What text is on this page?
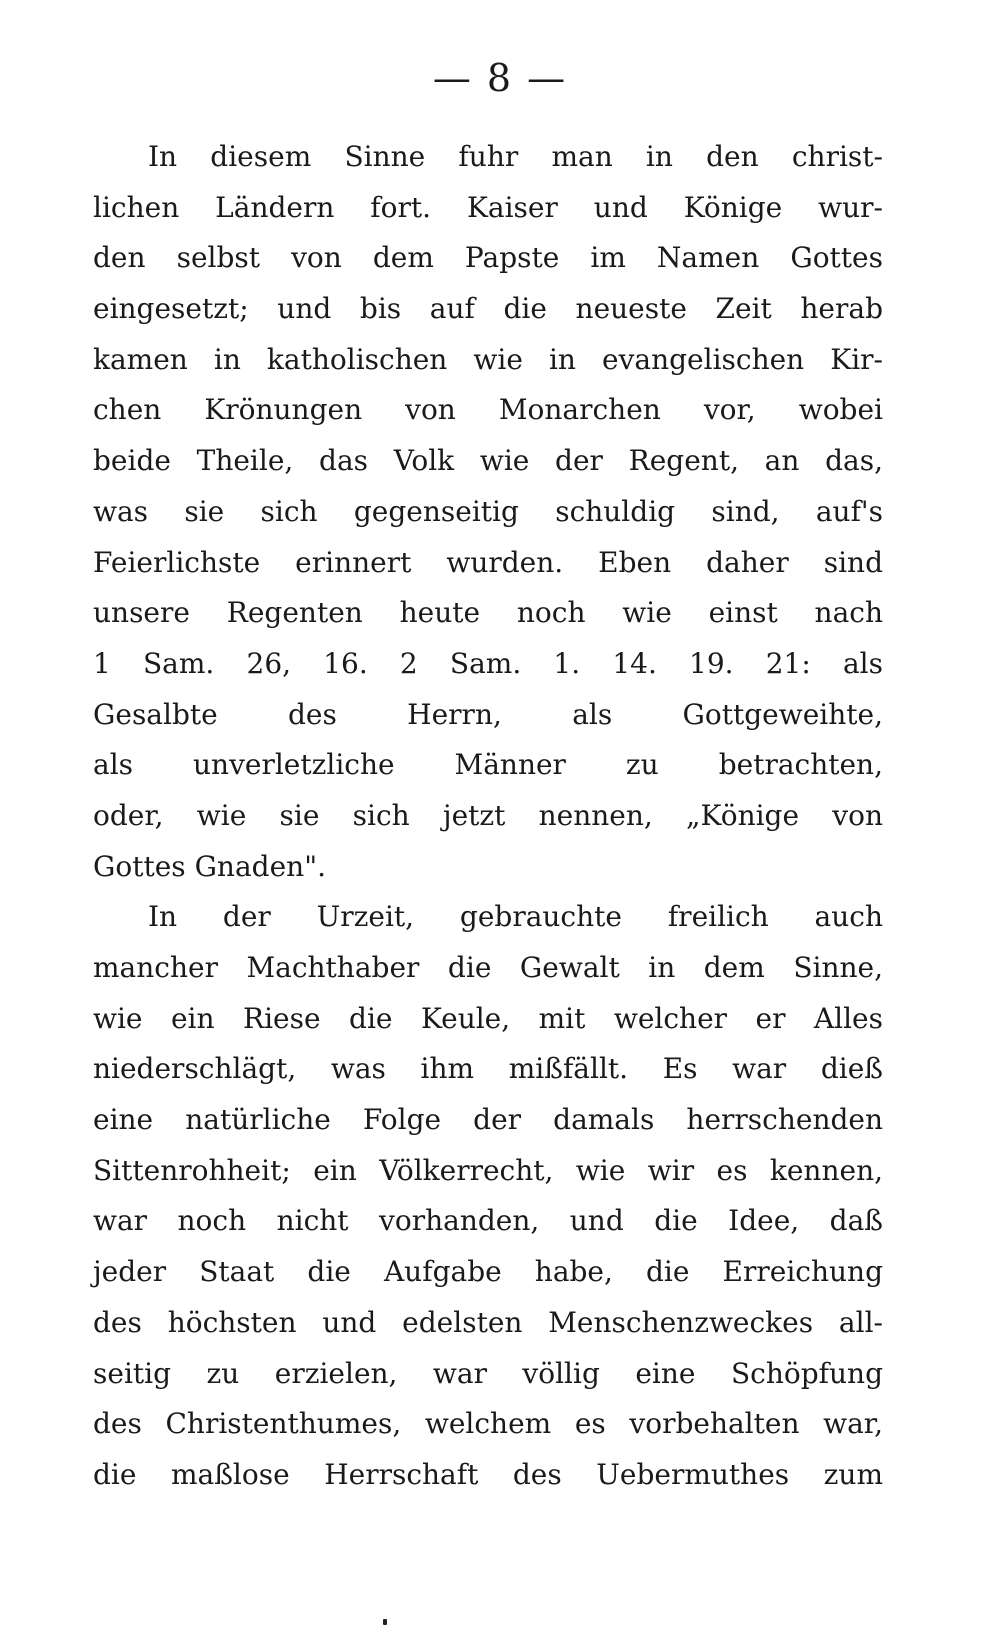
— 8 —
In diesem Sinne fuhr man in den christ-
lichen Ländern fort. Kaiser und Könige wur-
den selbst von dem Papste im Namen Gottes
eingesetzt; und bis auf die neueste Zeit herab
kamen in katholischen wie in evangelischen Kir-
chen Krönungen von Monarchen vor, wobei
beide Theile, das Volk wie der Regent, an das,
was sie sich gegenseitig schuldig sind, auf's
Feierlichste erinnert wurden. Eben daher sind
unsere Regenten heute noch wie einst nach
1 Sam. 26, 16. 2 Sam. 1. 14. 19. 21: als
Gesalbte des Herrn, als Gottgeweihte,
als unverletzliche Männer zu betrachten,
oder, wie sie sich jetzt nennen, „Könige von
Gottes Gnaden".
In der Urzeit, gebrauchte freilich auch
mancher Machthaber die Gewalt in dem Sinne,
wie ein Riese die Keule, mit welcher er Alles
niederschlägt, was ihm mißfällt. Es war dieß
eine natürliche Folge der damals herrschenden
Sittenrohheit; ein Völkerrecht, wie wir es kennen,
war noch nicht vorhanden, und die Idee, daß
jeder Staat die Aufgabe habe, die Erreichung
des höchsten und edelsten Menschenzweckes all-
seitig zu erzielen, war völlig eine Schöpfung
des Christenthumes, welchem es vorbehalten war,
die maßlose Herrschaft des Uebermuthes zum
